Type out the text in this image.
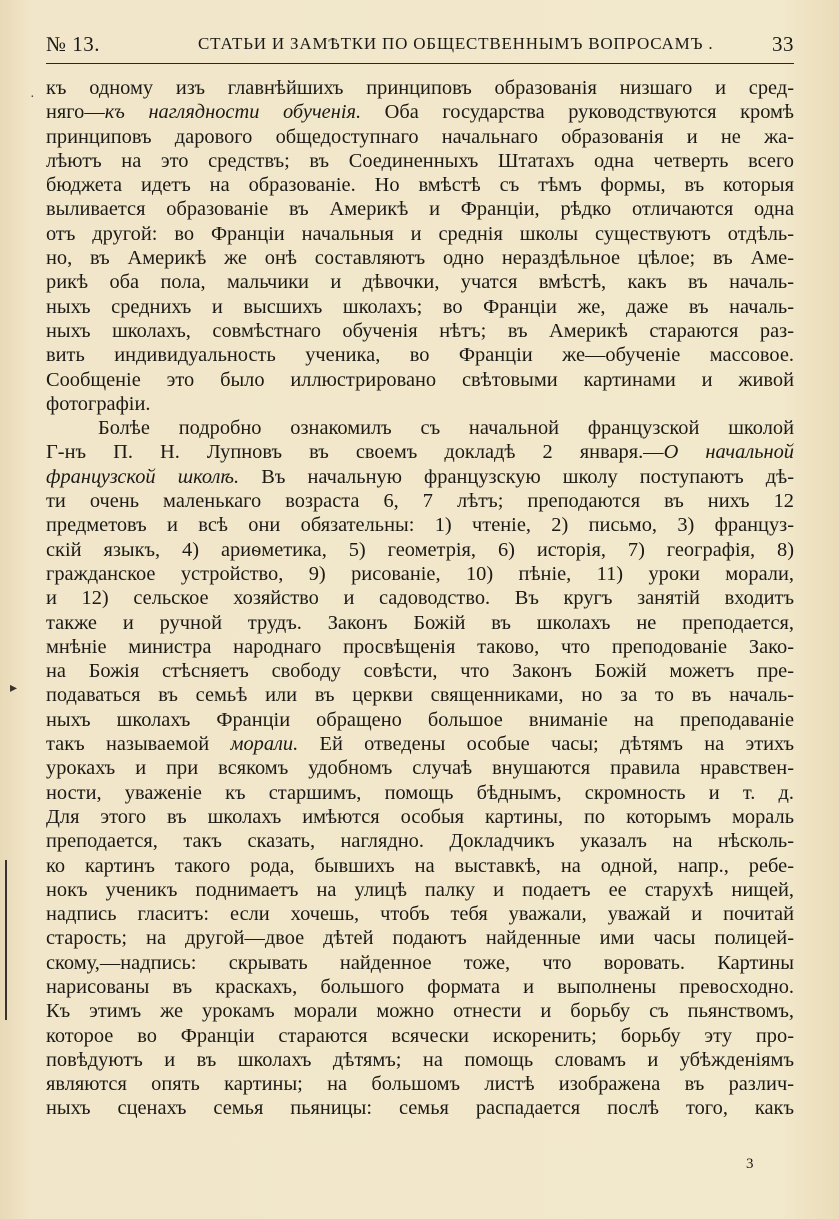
№ 13.	СТАТЬИ И ЗАМѢТКИ ПО ОБЩЕСТВЕННЫМЪ ВОПРОСАМЪ .	33
къ одному изъ главнѣйшихъ принциповъ образованія низшаго и сред-
няго—къ наглядности обученія. Оба государства руководствуются кромѣ
принциповъ дарового общедоступнаго начальнаго образованія и не жа-
лѣютъ на это средствъ; въ Соединенныхъ Штатахъ одна четверть всего
бюджета идетъ на образованіе. Но вмѣстѣ съ тѣмъ формы, въ которыя
выливается образованіе въ Америкѣ и Франціи, рѣдко отличаются одна
отъ другой: во Франціи начальныя и среднія школы существуютъ отдѣль-
но, въ Америкѣ же онѣ составляютъ одно нераздѣльное цѣлое; въ Аме-
рикѣ оба пола, мальчики и дѣвочки, учатся вмѣстѣ, какъ въ началь-
ныхъ среднихъ и высшихъ школахъ; во Франціи же, даже въ началь-
ныхъ школахъ, совмѣстнаго обученія нѣтъ; въ Америкѣ стараются раз-
вить индивидуальность ученика, во Франціи же—обученіе массовое.
Сообщеніе это было иллюстрировано свѣтовыми картинами и живой
фотографіи.
Болѣе подробно ознакомилъ съ начальной французской школой
Г-нъ П. Н. Лупновъ въ своемъ докладѣ 2 января.—О начальной
французской школѣ. Въ начальную французскую школу поступаютъ дѣ-
ти очень маленькаго возраста 6, 7 лѣтъ; преподаются въ нихъ 12
предметовъ и всѣ они обязательны: 1) чтеніе, 2) письмо, 3) француз-
скій языкъ, 4) ариѳметика, 5) геометрія, 6) исторія, 7) географія, 8)
гражданское устройство, 9) рисованіе, 10) пѣніе, 11) уроки морали,
и 12) сельское хозяйство и садоводство. Въ кругъ занятій входитъ
также и ручной трудъ. Законъ Божій въ школахъ не преподается,
мнѣніе министра народнаго просвѣщенія таково, что преподованіе Зако-
на Божія стѣсняетъ свободу совѣсти, что Законъ Божій можетъ пре-
подаваться въ семьѣ или въ церкви священниками, но за то въ началь-
ныхъ школахъ Франціи обращено большое вниманіе на преподаваніе
такъ называемой морали. Ей отведены особые часы; дѣтямъ на этихъ
урокахъ и при всякомъ удобномъ случаѣ внушаются правила нравствен-
ности, уваженіе къ старшимъ, помощь бѣднымъ, скромность и т. д.
Для этого въ школахъ имѣются особыя картины, по которымъ мораль
преподается, такъ сказать, наглядно. Докладчикъ указалъ на нѣсколь-
ко картинъ такого рода, бывшихъ на выставкѣ, на одной, напр., ребе-
нокъ ученикъ поднимаетъ на улицѣ палку и подаетъ ее старухѣ нищей,
надпись гласитъ: если хочешь, чтобъ тебя уважали, уважай и почитай
старость; на другой—двое дѣтей подаютъ найденные ими часы полицей-
скому,—надпись: скрывать найденное тоже, что воровать. Картины
нарисованы въ краскахъ, большого формата и выполнены превосходно.
Къ этимъ же урокамъ морали можно отнести и борьбу съ пьянствомъ,
которое во Франціи стараются всячески искоренить; борьбу эту про-
повѣдуютъ и въ школахъ дѣтямъ; на помощь словамъ и убѣжденіямъ
являются опять картины; на большомъ листѣ изображена въ различ-
ныхъ сценахъ семья пьяницы: семья распадается послѣ того, какъ
3
▸
·
